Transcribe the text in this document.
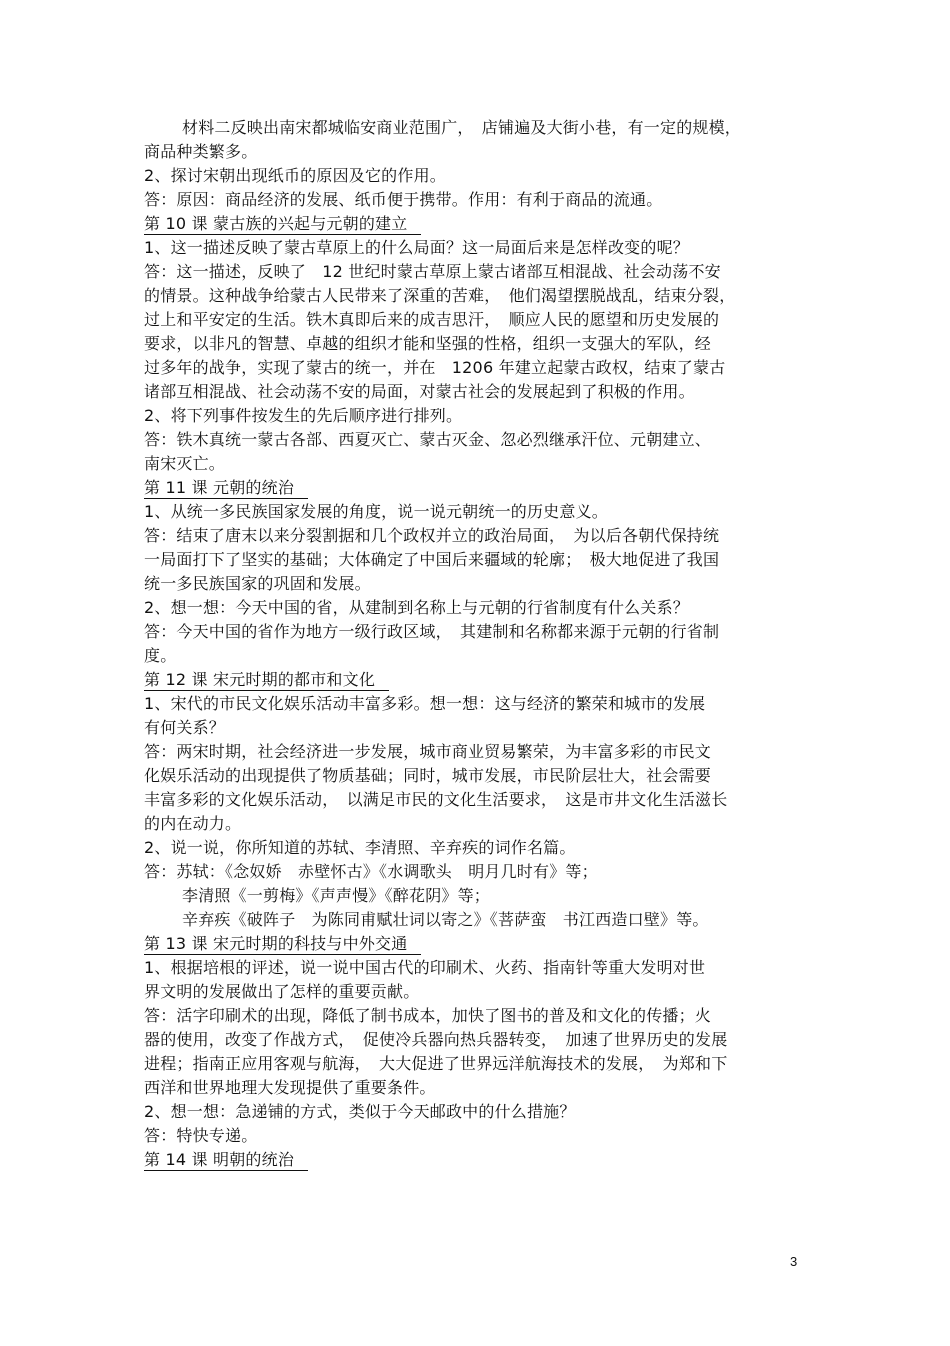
材料二反映出南宋都城临安商业范围广，　店铺遍及大街小巷，有一定的规模，
商品种类繁多。
2、探讨宋朝出现纸币的原因及它的作用。
答：原因：商品经济的发展、纸币便于携带。作用：有利于商品的流通。
第 10 课 蒙古族的兴起与元朝的建立
1、这一描述反映了蒙古草原上的什么局面？这一局面后来是怎样改变的呢？
答：这一描述，反映了　12 世纪时蒙古草原上蒙古诸部互相混战、社会动荡不安
的情景。这种战争给蒙古人民带来了深重的苦难，　他们渴望摆脱战乱，结束分裂，
过上和平安定的生活。铁木真即后来的成吉思汗，　顺应人民的愿望和历史发展的
要求，以非凡的智慧、卓越的组织才能和坚强的性格，组织一支强大的军队，经
过多年的战争，实现了蒙古的统一，并在　1206 年建立起蒙古政权，结束了蒙古
诸部互相混战、社会动荡不安的局面，对蒙古社会的发展起到了积极的作用。
2、将下列事件按发生的先后顺序进行排列。
答：铁木真统一蒙古各部、西夏灭亡、蒙古灭金、忽必烈继承汗位、元朝建立、
南宋灭亡。
第 11 课 元朝的统治
1、从统一多民族国家发展的角度，说一说元朝统一的历史意义。
答：结束了唐末以来分裂割据和几个政权并立的政治局面，　为以后各朝代保持统
一局面打下了坚实的基础；大体确定了中国后来疆域的轮廓；　极大地促进了我国
统一多民族国家的巩固和发展。
2、想一想：今天中国的省，从建制到名称上与元朝的行省制度有什么关系？
答：今天中国的省作为地方一级行政区域，　其建制和名称都来源于元朝的行省制
度。
第 12 课 宋元时期的都市和文化
1、宋代的市民文化娱乐活动丰富多彩。想一想：这与经济的繁荣和城市的发展
有何关系？
答：两宋时期，社会经济进一步发展，城市商业贸易繁荣，为丰富多彩的市民文
化娱乐活动的出现提供了物质基础；同时，城市发展，市民阶层壮大，社会需要
丰富多彩的文化娱乐活动，　以满足市民的文化生活要求，　这是市井文化生活滋长
的内在动力。
2、说一说，你所知道的苏轼、李清照、辛弃疾的词作名篇。
答：苏轼：《念奴娇　赤壁怀古》《水调歌头　明月几时有》等；
李清照《一剪梅》《声声慢》《醉花阴》等；
辛弃疾《破阵子　为陈同甫赋壮词以寄之》《菩萨蛮　书江西造口壁》等。
第 13 课 宋元时期的科技与中外交通
1、根据培根的评述，说一说中国古代的印刷术、火药、指南针等重大发明对世
界文明的发展做出了怎样的重要贡献。
答：活字印刷术的出现，降低了制书成本，加快了图书的普及和文化的传播；火
器的使用，改变了作战方式，　促使冷兵器向热兵器转变，　加速了世界历史的发展
进程；指南正应用客观与航海，　大大促进了世界远洋航海技术的发展，　为郑和下
西洋和世界地理大发现提供了重要条件。
2、想一想：急递铺的方式，类似于今天邮政中的什么措施？
答：特快专递。
第 14 课 明朝的统治
3
